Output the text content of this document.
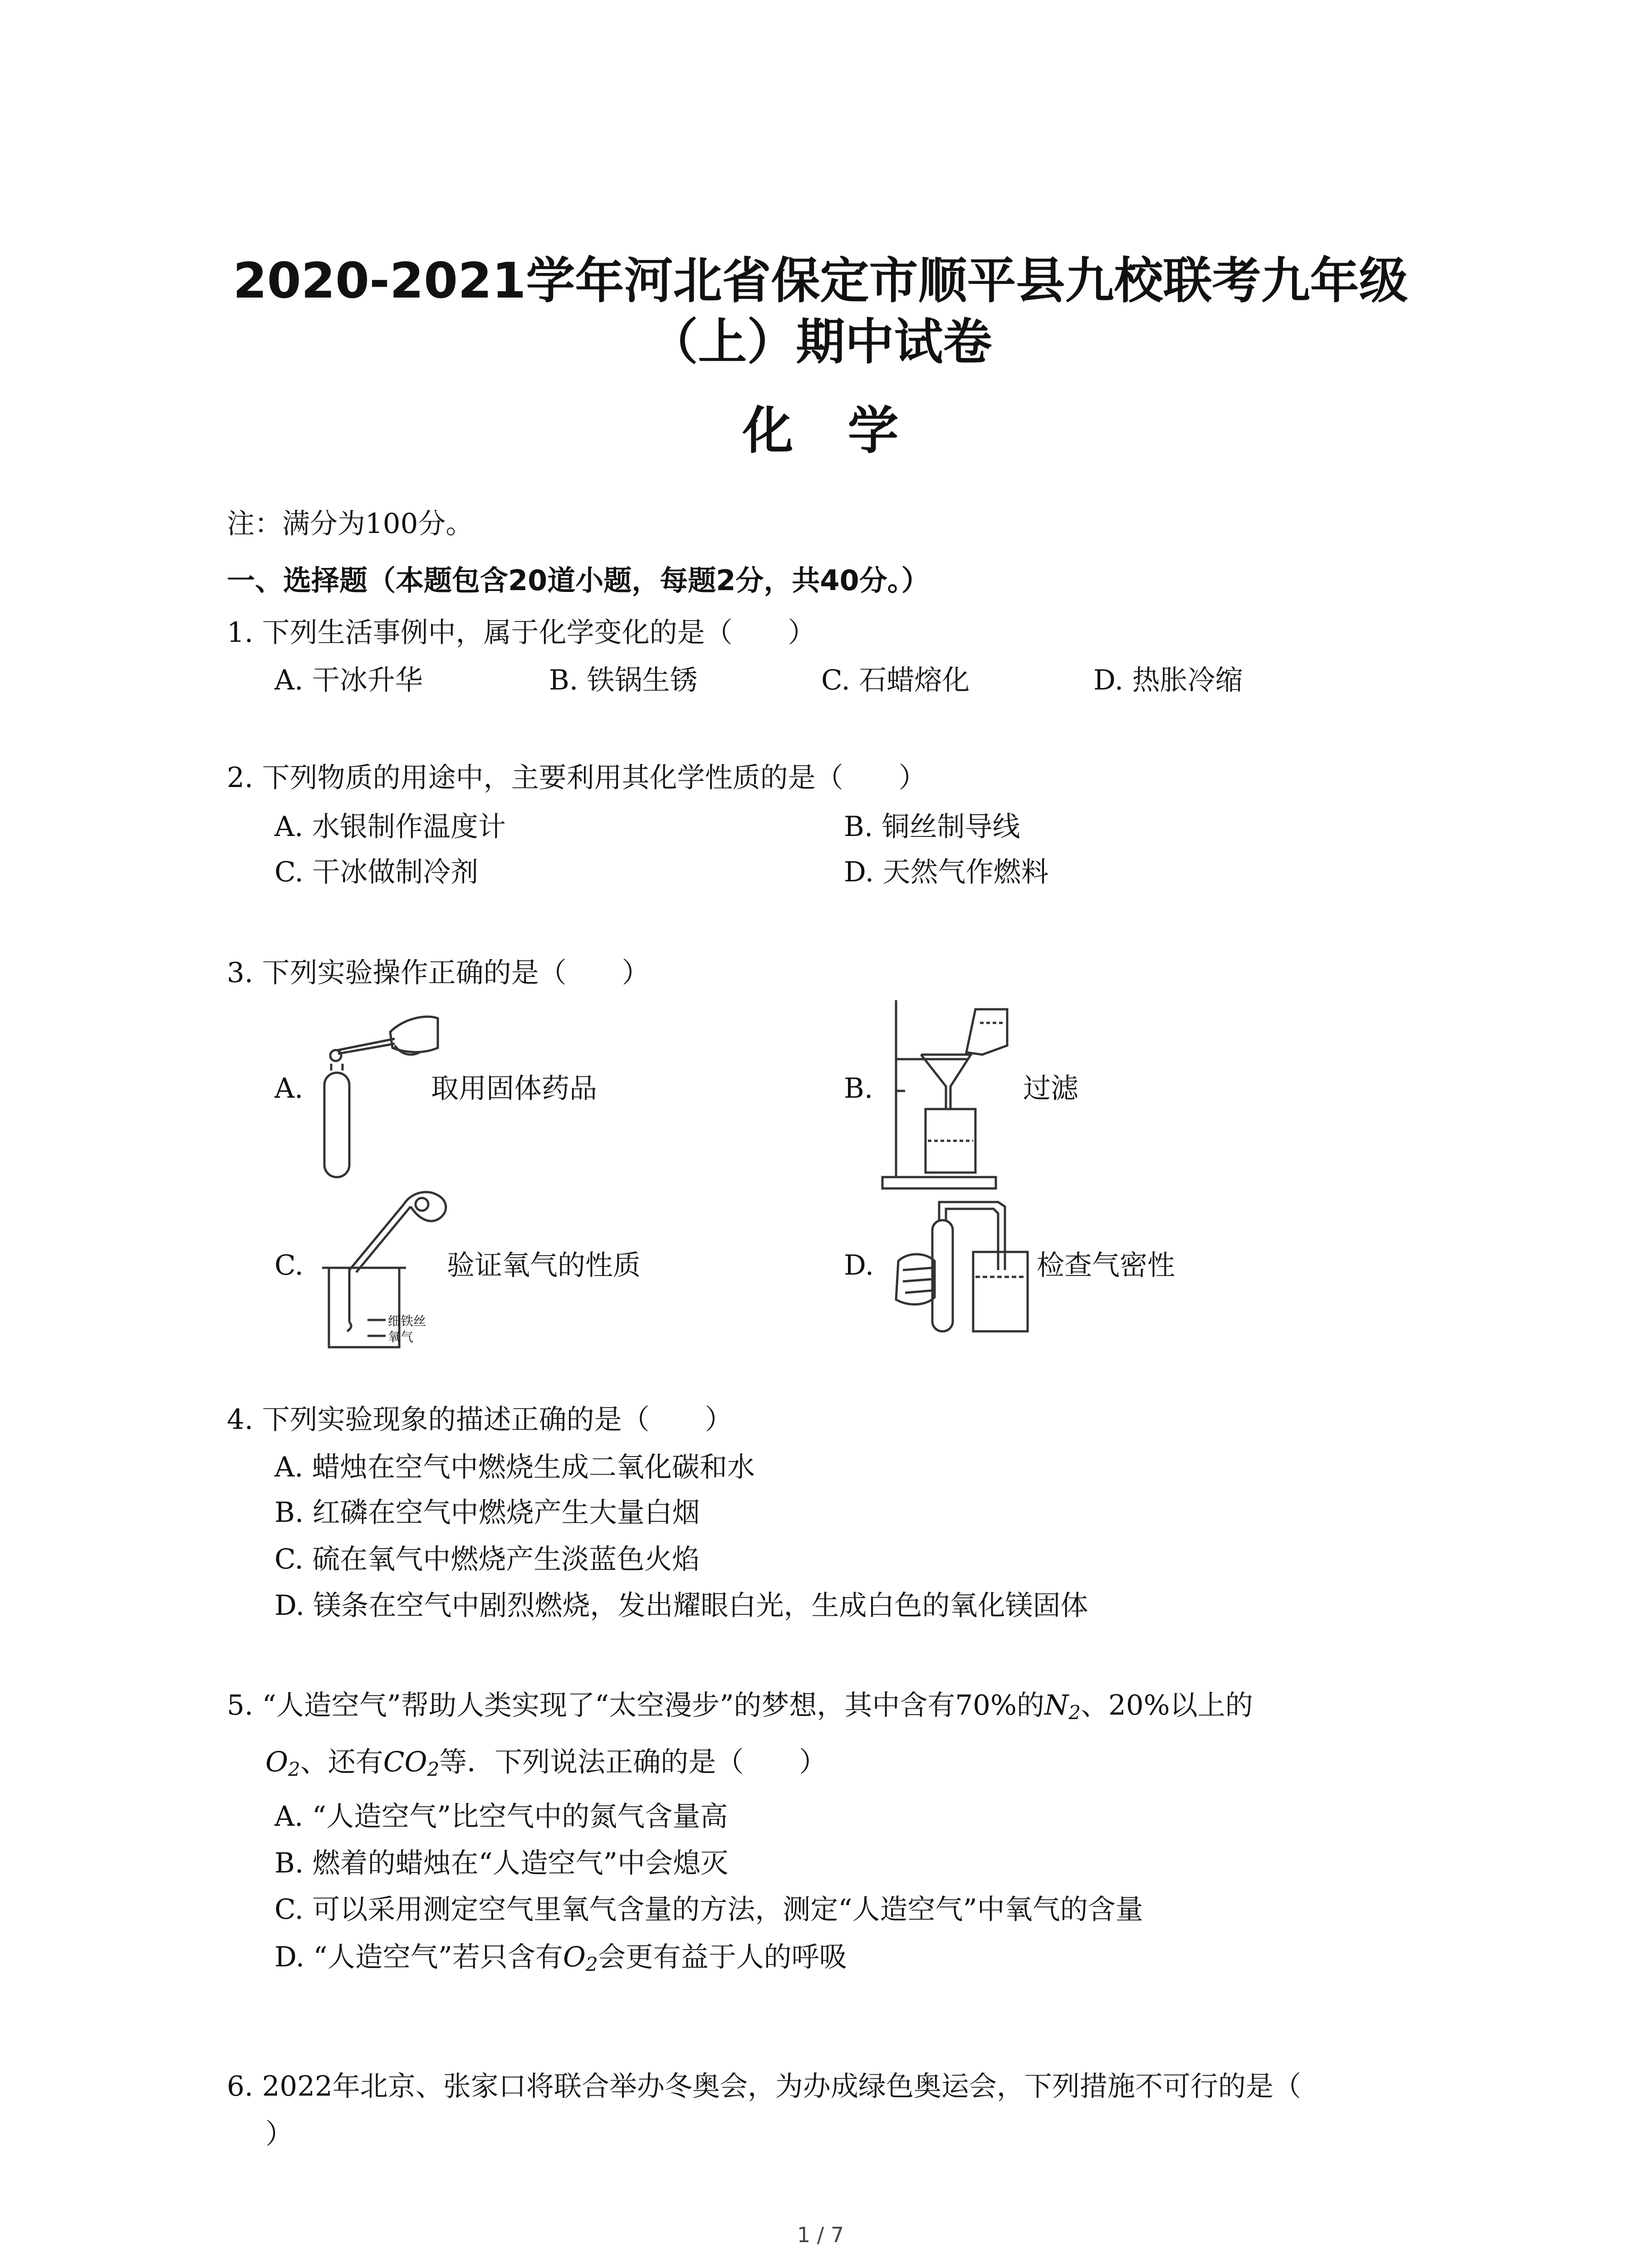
2020-2021学年河北省保定市顺平县九校联考九年级
（上）期中试卷
化学
注：满分为100分。
一、选择题（本题包含20道小题，每题2分，共40分。）
1. 下列生活事例中，属于化学变化的是（　　）
A. 干冰升华	B. 铁锅生锈	C. 石蜡熔化	D. 热胀冷缩
2. 下列物质的用途中，主要利用其化学性质的是（　　）
A. 水银制作温度计	B. 铜丝制导线
C. 干冰做制冷剂	D. 天然气作燃料
3. 下列实验操作正确的是（　　）
A.	取用固体药品	B.	过滤
C.	验证氧气的性质	D.	检查气密性
细铁丝
氧气
4. 下列实验现象的描述正确的是（　　）
A. 蜡烛在空气中燃烧生成二氧化碳和水
B. 红磷在空气中燃烧产生大量白烟
C. 硫在氧气中燃烧产生淡蓝色火焰
D. 镁条在空气中剧烈燃烧，发出耀眼白光，生成白色的氧化镁固体
5. “人造空气”帮助人类实现了“太空漫步”的梦想，其中含有70%的$N_2$、20%以上的
$O_2$、还有$CO_2$等．下列说法正确的是（　　）
A. “人造空气”比空气中的氮气含量高
B. 燃着的蜡烛在“人造空气”中会熄灭
C. 可以采用测定空气里氧气含量的方法，测定“人造空气”中氧气的含量
D. “人造空气”若只含有$O_2$会更有益于人的呼吸
6. 2022年北京、张家口将联合举办冬奥会，为办成绿色奥运会，下列措施不可行的是（
）
1 / 7
